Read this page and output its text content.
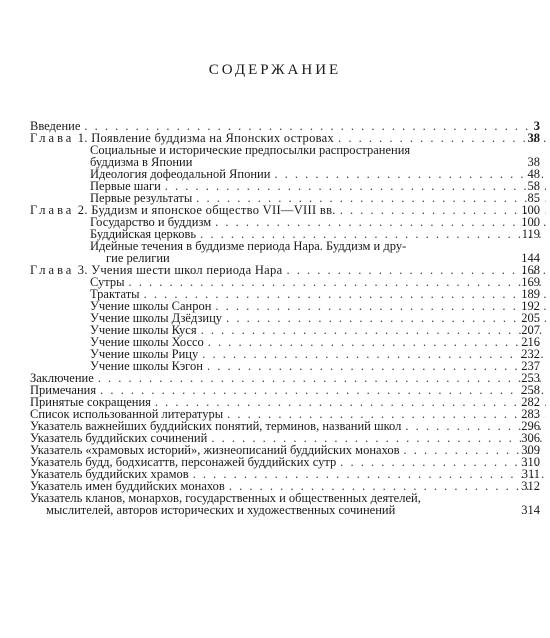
СОДЕРЖАНИЕ
Введение . . .	3
Глава 1. Появление буддизма на Японских островах . . .	38
Социальные и исторические предпосылки распространения
буддизма в Японии	38
Идеология дофеодальной Японии . . .	48
Первые шаги . . .	58
Первые результаты . . .	85
Глава 2. Буддизм и японское общество VII—VIII вв. . . .	100
Государство и буддизм . . .	100
Буддийская церковь . . .	119
Идейные течения в буддизме периода Нара. Буддизм и дру-
гие религии	144
Глава 3. Учения шести школ периода Нара . . .	168
Сутры . . .	169
Трактаты . . .	189
Учение школы Санрон . . .	192
Учение школы Дзёдзицу . . .	205
Учение школы Куся . . .	207
Учение школы Хоссо . . .	216
Учение школы Рицу . . .	232
Учение школы Кэгон . . .	237
Заключение . . .	253
Примечания . . .	258
Принятые сокращения . . .	282
Список использованной литературы . . .	283
Указатель важнейших буддийских понятий, терминов, названий школ . . .	296
Указатель буддийских сочинений . . .	306
Указатель «храмовых историй», жизнеописаний буддийских монахов . . .	309
Указатель будд, бодхисаттв, персонажей буддийских сутр . . .	310
Указатель буддийских храмов . . .	311
Указатель имен буддийских монахов . . .	312
Указатель кланов, монархов, государственных и общественных деятелей,
мыслителей, авторов исторических и художественных сочинений	314
